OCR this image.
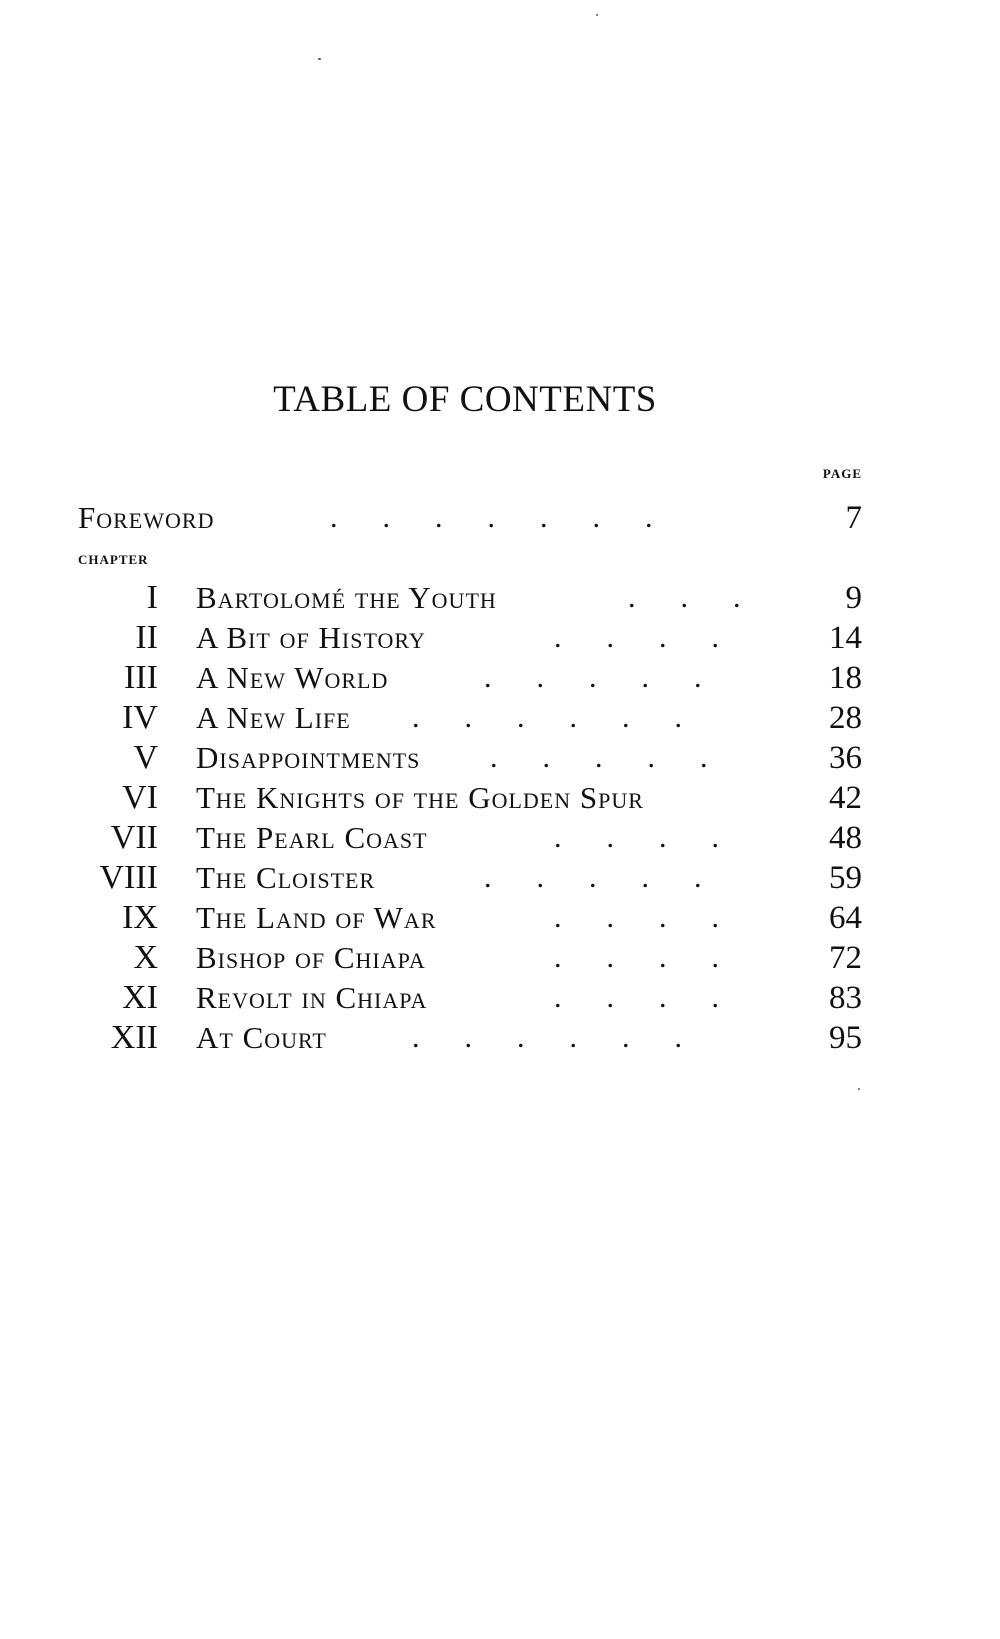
TABLE OF CONTENTS
PAGE
Foreword	.      .      .      .      .      .      .	7
CHAPTER
I Bartolomé the Youth	.      .      .	9
II A Bit of History	.      .      .      .	14
III A New World	.      .      .      .      .	18
IV A New Life .      .      .      .      .      .	28
V Disappointments .      .      .      .      .	36
VI The Knights of the Golden Spur	42
VII The Pearl Coast	.      .      .      .	48
VIII The Cloister	.      .      .      .      .	59
IX The Land of War	.      .      .      .	64
X Bishop of Chiapa	.      .      .      .	72
XI Revolt in Chiapa	.      .      .      .	83
XII At Court	.      .      .      .      .      .	95
